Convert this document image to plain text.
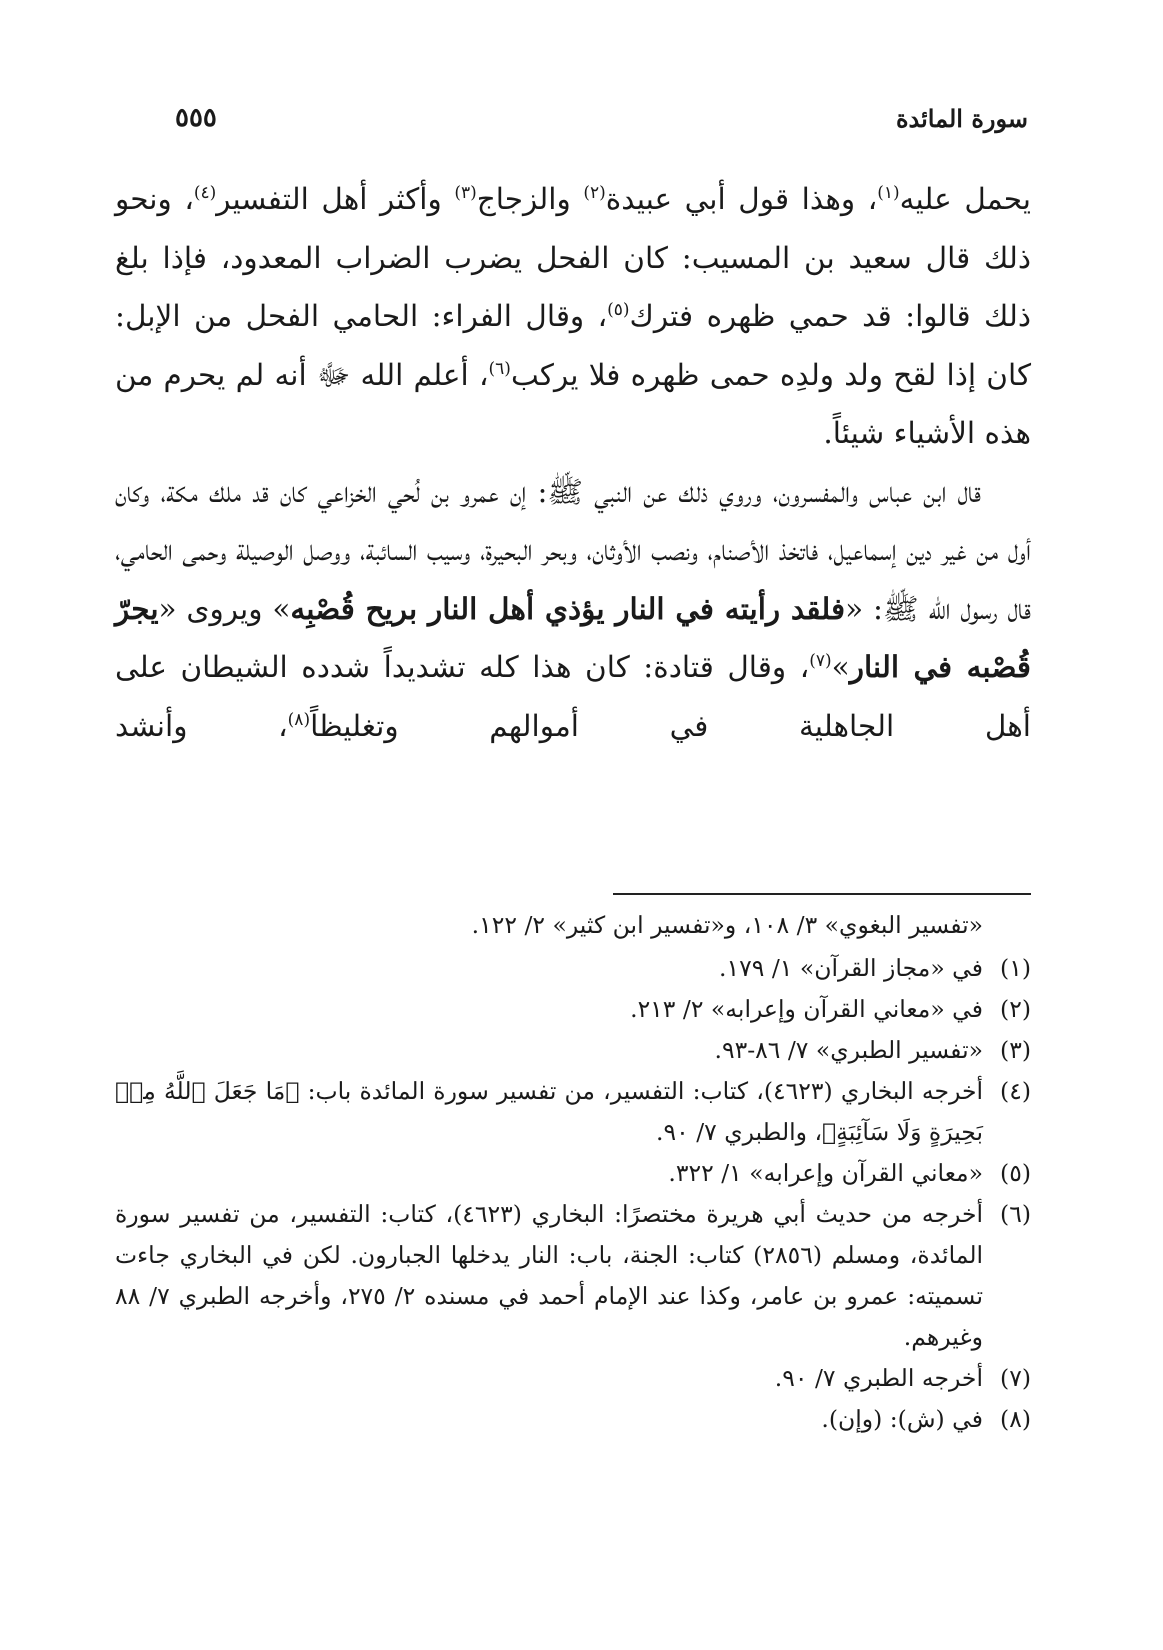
سورة المائدة
٥٥٥

يحمل عليه$^{(١)}$، وهذا قول أبي عبيدة$^{(٢)}$ والزجاج$^{(٣)}$ وأكثر أهل التفسير$^{(٤)}$، ونحو ذلك قال سعيد بن المسيب: كان الفحل يضرب الضراب المعدود، فإذا بلغ ذلك قالوا: قد حمي ظهره فترك$^{(٥)}$، وقال الفراء: الحامي الفحل من الإبل: كان إذا لقح ولد ولدِه حمى ظهره فلا يركب$^{(٦)}$، أعلم الله ﷻ أنه لم يحرم من هذه الأشياء شيئاً.

قال ابن عباس والمفسرون، وروي ذلك عن النبي ﷺ: إن عمرو بن لُحي الخزاعي كان قد ملك مكة، وكان أول من غير دين إسماعيل، فاتخذ الأصنام، ونصب الأوثان، وبحر البحيرة، وسيب السائبة، ووصل الوصيلة وحمى الحامي، قال رسول الله ﷺ: «فلقد رأيته في النار يؤذي أهل النار بريح قُصْبِه» ويروى «يجرّ قُصْبه في النار»$^{(٧)}$، وقال قتادة: كان هذا كله تشديداً شدده الشيطان على أهل الجاهلية في أموالهم وتغليظاً$^{(٨)}$، وأنشد

«تفسير البغوي» ٣/ ١٠٨، و«تفسير ابن كثير» ٢/ ١٢٢.

(١)
في «مجاز القرآن» ١/ ١٧٩.
(٢)
في «معاني القرآن وإعرابه» ٢/ ٢١٣.
(٣)
«تفسير الطبري» ٧/ ٨٦-٩٣.
(٤)
أخرجه البخاري (٤٦٢٣)، كتاب: التفسير، من تفسير سورة المائدة باب: ﴿مَا جَعَلَ ٱللَّهُ مِنۢ بَحِيرَةٍ وَلَا سَآئِبَةٍ﴾، والطبري ٧/ ٩٠.
(٥)
«معاني القرآن وإعرابه» ١/ ٣٢٢.
(٦)
أخرجه من حديث أبي هريرة مختصرًا: البخاري (٤٦٢٣)، كتاب: التفسير، من تفسير سورة المائدة، ومسلم (٢٨٥٦) كتاب: الجنة، باب: النار يدخلها الجبارون. لكن في البخاري جاءت تسميته: عمرو بن عامر، وكذا عند الإمام أحمد في مسنده ٢/ ٢٧٥، وأخرجه الطبري ٧/ ٨٨ وغيرهم.
(٧)
أخرجه الطبري ٧/ ٩٠.
(٨)
في (ش): (وإن).
